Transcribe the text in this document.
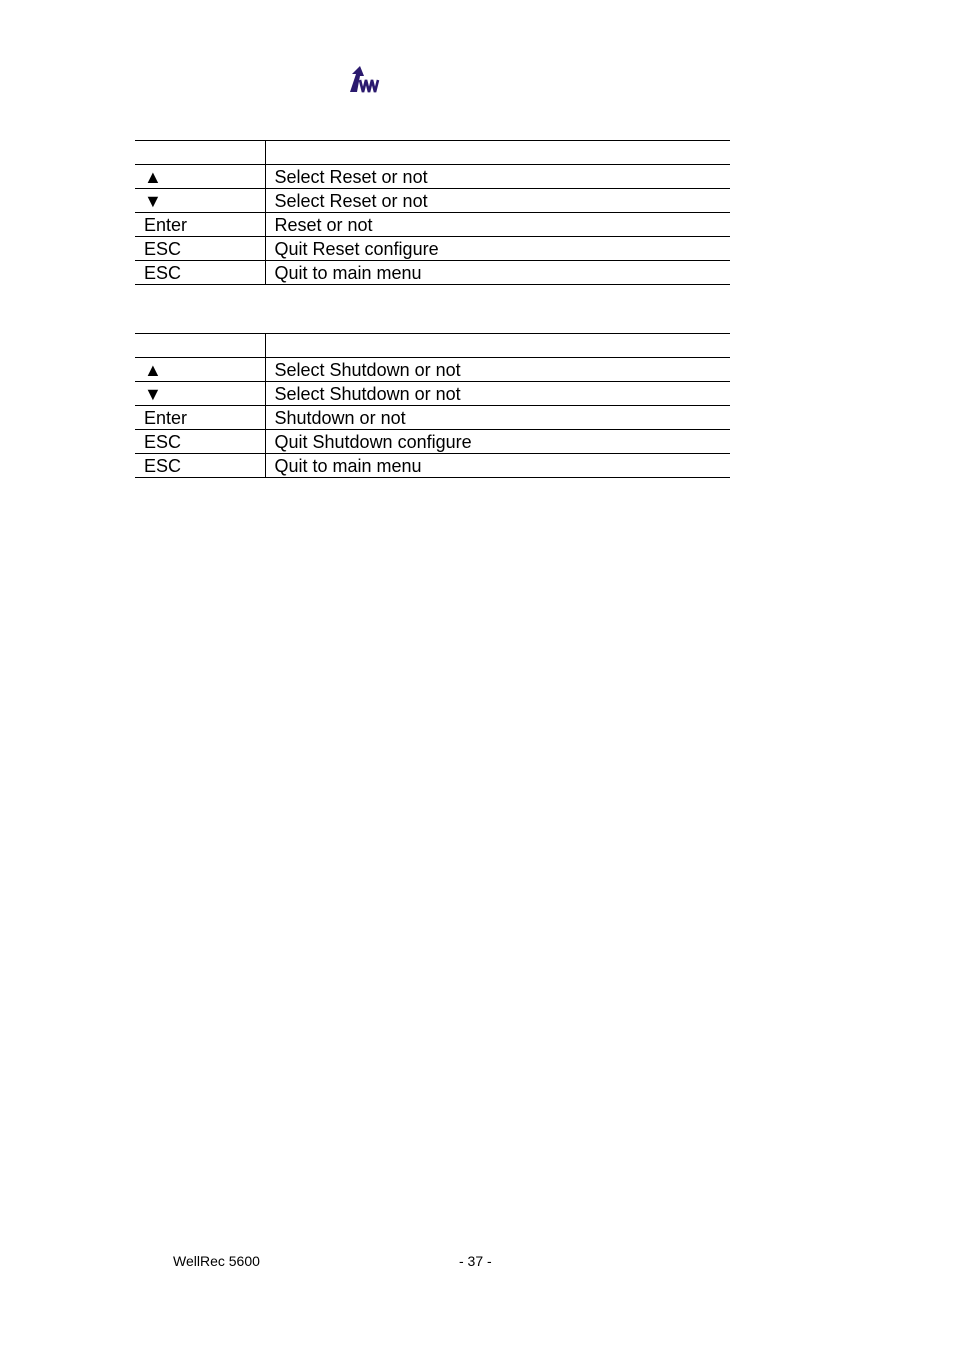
▲	Select Reset or not
▼	Select Reset or not
Enter	Reset or not
ESC	Quit Reset configure
ESC	Quit to main menu

▲	Select Shutdown or not
▼	Select Shutdown or not
Enter	Shutdown or not
ESC	Quit Shutdown configure
ESC	Quit to main menu
WellRec 5600	- 37 -
